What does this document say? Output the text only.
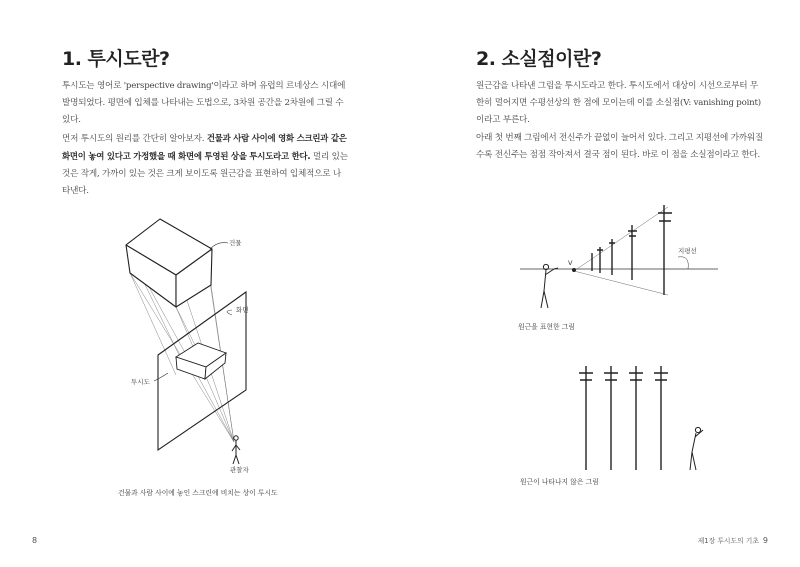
1. 투시도란?

투시도는 영어로 'perspective drawing'이라고 하며 유럽의 르네상스 시대에 발명되었다. 평면에 입체를 나타내는 도법으로, 3차원 공간을 2차원에 그릴 수 있다.

먼저 투시도의 원리를 간단히 알아보자. 건물과 사람 사이에 영화 스크린과 같은 화면이 놓여 있다고 가정했을 때 화면에 투영된 상을 투시도라고 한다. 멀리 있는 것은 작게, 가까이 있는 것은 크게 보이도록 원근감을 표현하여 입체적으로 나타낸다.

건물
화면
투시도
관찰자

건물과 사람 사이에 놓인 스크린에 비치는 상이 투시도

8
2. 소실점이란?

원근감을 나타낸 그림을 투시도라고 한다. 투시도에서 대상이 시선으로부터 무한히 멀어지면 수평선상의 한 점에 모이는데 이를 소실점(V: vanishing point)이라고 부른다.

아래 첫 번째 그림에서 전신주가 끝없이 늘어서 있다. 그리고 지평선에 가까워질수록 전신주는 점점 작아져서 결국 점이 된다. 바로 이 점을 소실점이라고 한다.

V
지평선

원근을 표현한 그림

원근이 나타나지 않은 그림

제1장 투시도의 기초 9
